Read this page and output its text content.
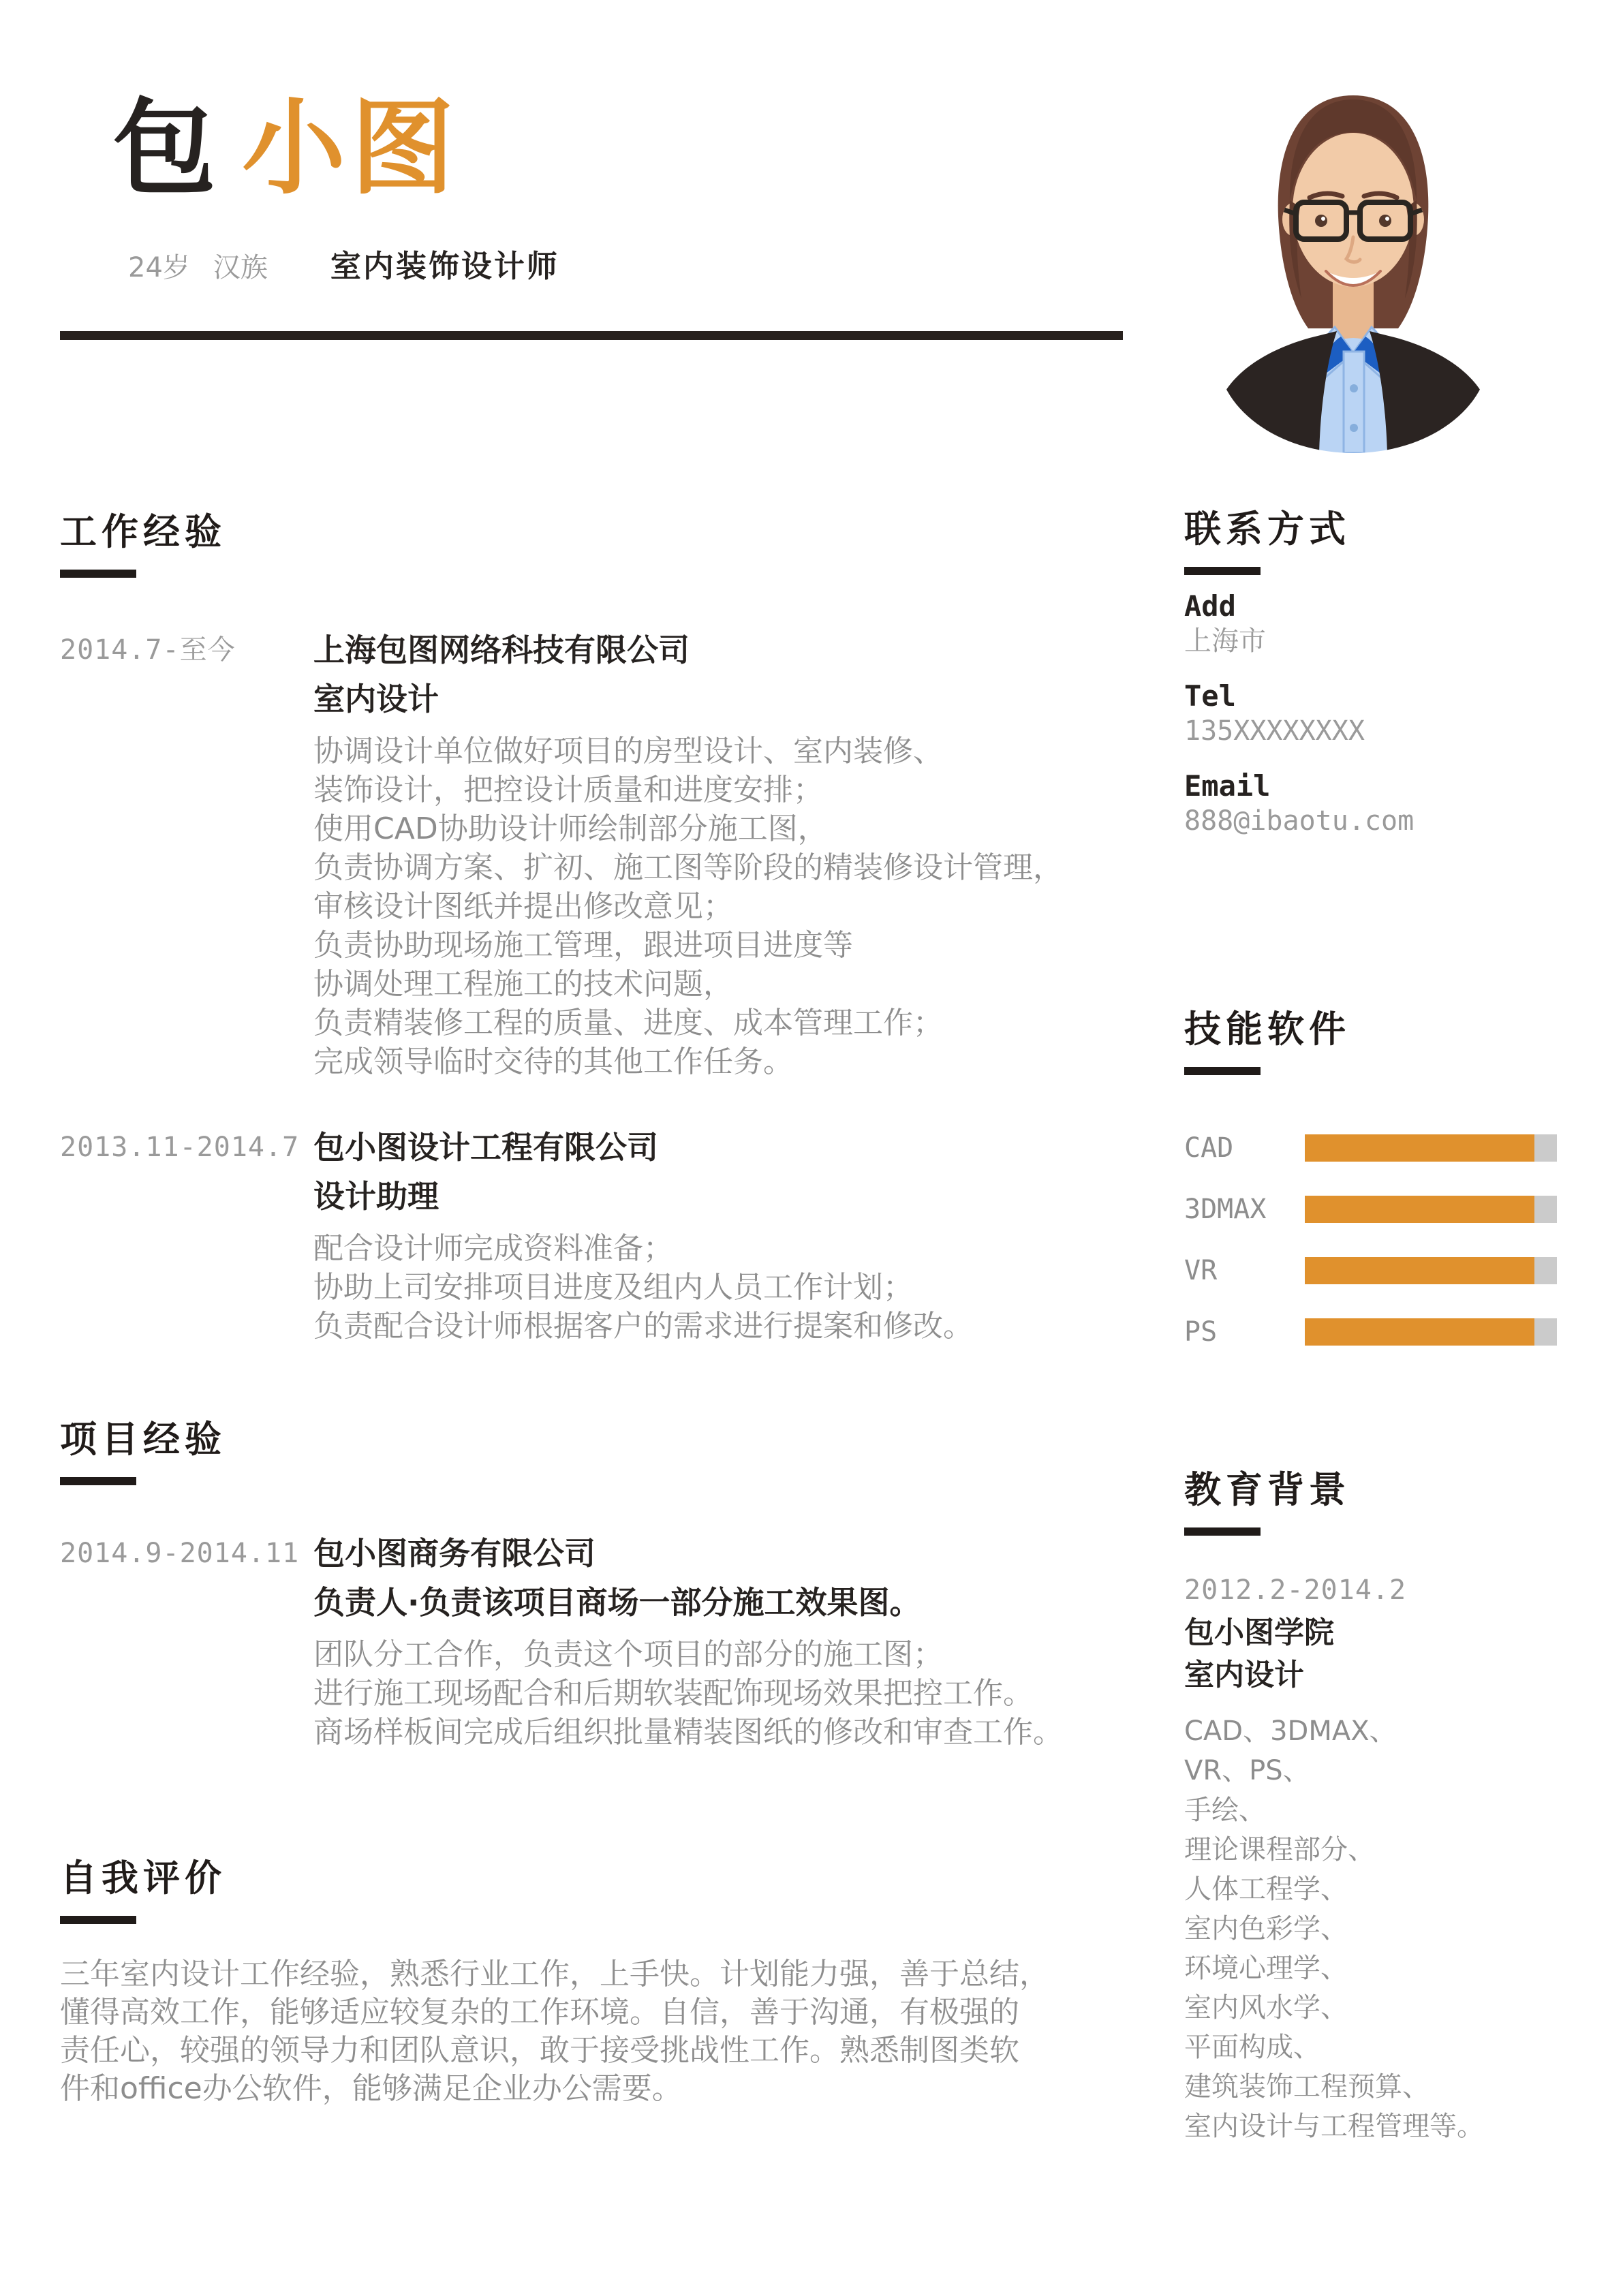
包 小图
24岁 汉族 室内装饰设计师
工作经验
2014.7-至今	上海包图网络科技有限公司
室内设计
协调设计单位做好项目的房型设计、室内装修、
装饰设计，把控设计质量和进度安排；
使用CAD协助设计师绘制部分施工图，
负责协调方案、扩初、施工图等阶段的精装修设计管理，
审核设计图纸并提出修改意见；
负责协助现场施工管理，跟进项目进度等
协调处理工程施工的技术问题，
负责精装修工程的质量、进度、成本管理工作；
完成领导临时交待的其他工作任务。
2013.11-2014.7 包小图设计工程有限公司
设计助理
配合设计师完成资料准备；
协助上司安排项目进度及组内人员工作计划；
负责配合设计师根据客户的需求进行提案和修改。
项目经验
2014.9-2014.11 包小图商务有限公司
负责人·负责该项目商场一部分施工效果图。
团队分工合作，负责这个项目的部分的施工图；
进行施工现场配合和后期软装配饰现场效果把控工作。
商场样板间完成后组织批量精装图纸的修改和审查工作。
自我评价
三年室内设计工作经验，熟悉行业工作，上手快。计划能力强，善于总结，
懂得高效工作，能够适应较复杂的工作环境。自信，善于沟通，有极强的
责任心，较强的领导力和团队意识，敢于接受挑战性工作。熟悉制图类软
件和office办公软件，能够满足企业办公需要。
联系方式
Add
上海市
Tel
135XXXXXXXX
Email
888@ibaotu.com
技能软件
CAD
3DMAX
VR
PS
教育背景
2012.2-2014.2
包小图学院
室内设计
CAD、3DMAX、
VR、PS、
手绘、
理论课程部分、
人体工程学、
室内色彩学、
环境心理学、
室内风水学、
平面构成、
建筑装饰工程预算、
室内设计与工程管理等。
